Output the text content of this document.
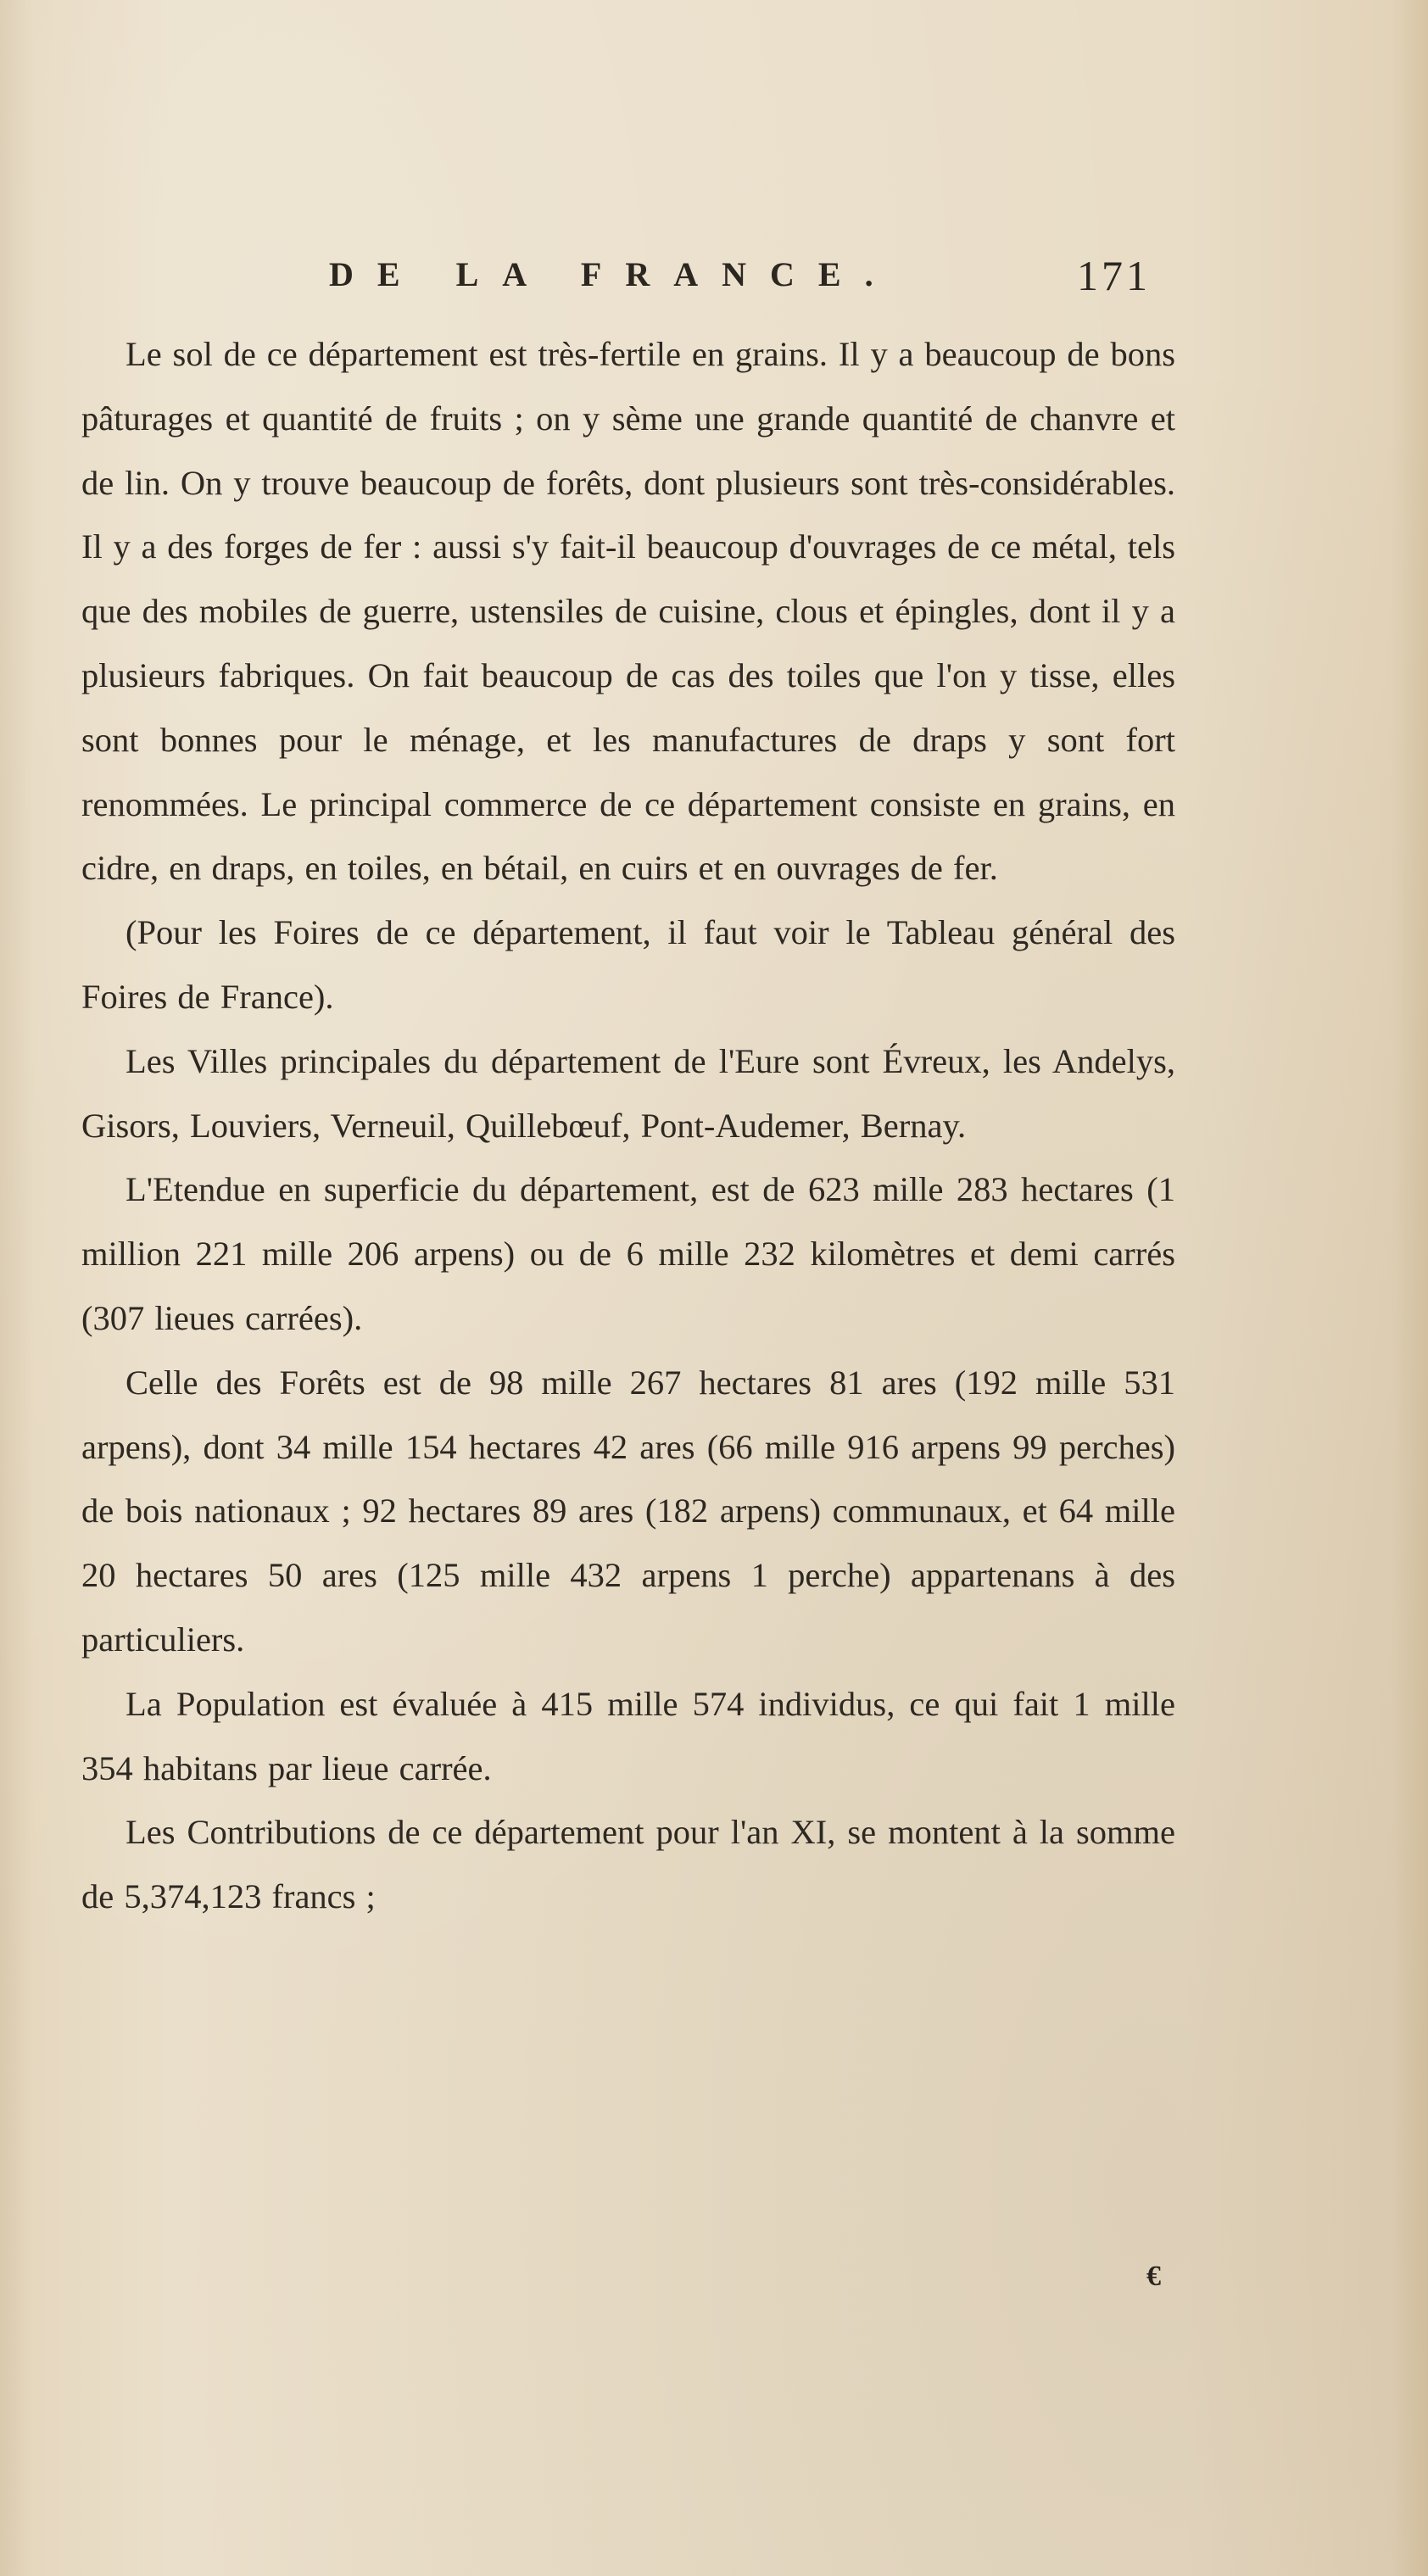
DE LA FRANCE.	171

Le sol de ce département est très-fertile en grains. Il y a beaucoup de bons pâturages et quantité de fruits ; on y sème une grande quantité de chanvre et de lin. On y trouve beaucoup de forêts, dont plusieurs sont très-considérables. Il y a des forges de fer : aussi s'y fait-il beaucoup d'ouvrages de ce métal, tels que des mobiles de guerre, ustensiles de cuisine, clous et épingles, dont il y a plusieurs fabriques. On fait beaucoup de cas des toiles que l'on y tisse, elles sont bonnes pour le ménage, et les manufactures de draps y sont fort renommées. Le principal commerce de ce département consiste en grains, en cidre, en draps, en toiles, en bétail, en cuirs et en ouvrages de fer.

(Pour les Foires de ce département, il faut voir le Tableau général des Foires de France).

Les Villes principales du département de l'Eure sont Évreux, les Andelys, Gisors, Louviers, Verneuil, Quillebœuf, Pont-Audemer, Bernay.

L'Etendue en superficie du département, est de 623 mille 283 hectares (1 million 221 mille 206 arpens) ou de 6 mille 232 kilomètres et demi carrés (307 lieues carrées).

Celle des Forêts est de 98 mille 267 hectares 81 ares (192 mille 531 arpens), dont 34 mille 154 hectares 42 ares (66 mille 916 arpens 99 perches) de bois nationaux ; 92 hectares 89 ares (182 arpens) communaux, et 64 mille 20 hectares 50 ares (125 mille 432 arpens 1 perche) appartenans à des particuliers.

La Population est évaluée à 415 mille 574 individus, ce qui fait 1 mille 354 habitans par lieue carrée.

Les Contributions de ce département pour l'an XI, se montent à la somme de 5,374,123 francs ;

€
